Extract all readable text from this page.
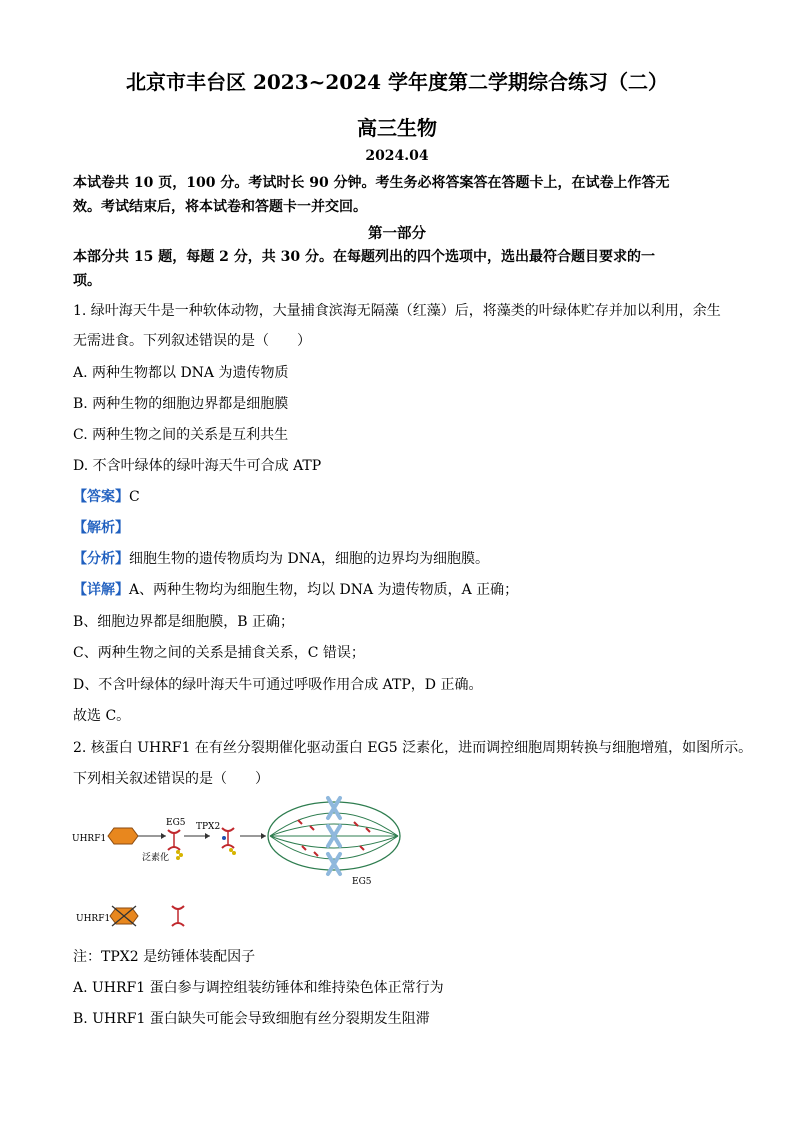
北京市丰台区 2023~2024 学年度第二学期综合练习（二）
高三生物
2024.04
本试卷共 10 页，100 分。考试时长 90 分钟。考生务必将答案答在答题卡上，在试卷上作答无
效。考试结束后，将本试卷和答题卡一并交回。
第一部分
本部分共 15 题，每题 2 分，共 30 分。在每题列出的四个选项中，选出最符合题目要求的一
项。
1. 绿叶海天牛是一种软体动物，大量捕食滨海无隔藻（红藻）后，将藻类的叶绿体贮存并加以利用，余生
无需进食。下列叙述错误的是（　　）
A. 两种生物都以 DNA 为遗传物质
B. 两种生物的细胞边界都是细胞膜
C. 两种生物之间的关系是互利共生
D. 不含叶绿体的绿叶海天牛可合成 ATP
【答案】C
【解析】
【分析】细胞生物的遗传物质均为 DNA，细胞的边界均为细胞膜。
【详解】A、两种生物均为细胞生物，均以 DNA 为遗传物质，A 正确；
B、细胞边界都是细胞膜，B 正确；
C、两种生物之间的关系是捕食关系，C 错误；
D、不含叶绿体的绿叶海天牛可通过呼吸作用合成 ATP，D 正确。
故选 C。
2. 核蛋白 UHRF1 在有丝分裂期催化驱动蛋白 EG5 泛素化，进而调控细胞周期转换与细胞增殖，如图所示。
下列相关叙述错误的是（　　）
UHRF1
EG5
泛素化
TPX2
EG5
UHRF1
注：TPX2 是纺锤体装配因子
A. UHRF1 蛋白参与调控组装纺锤体和维持染色体正常行为
B. UHRF1 蛋白缺失可能会导致细胞有丝分裂期发生阻滞
